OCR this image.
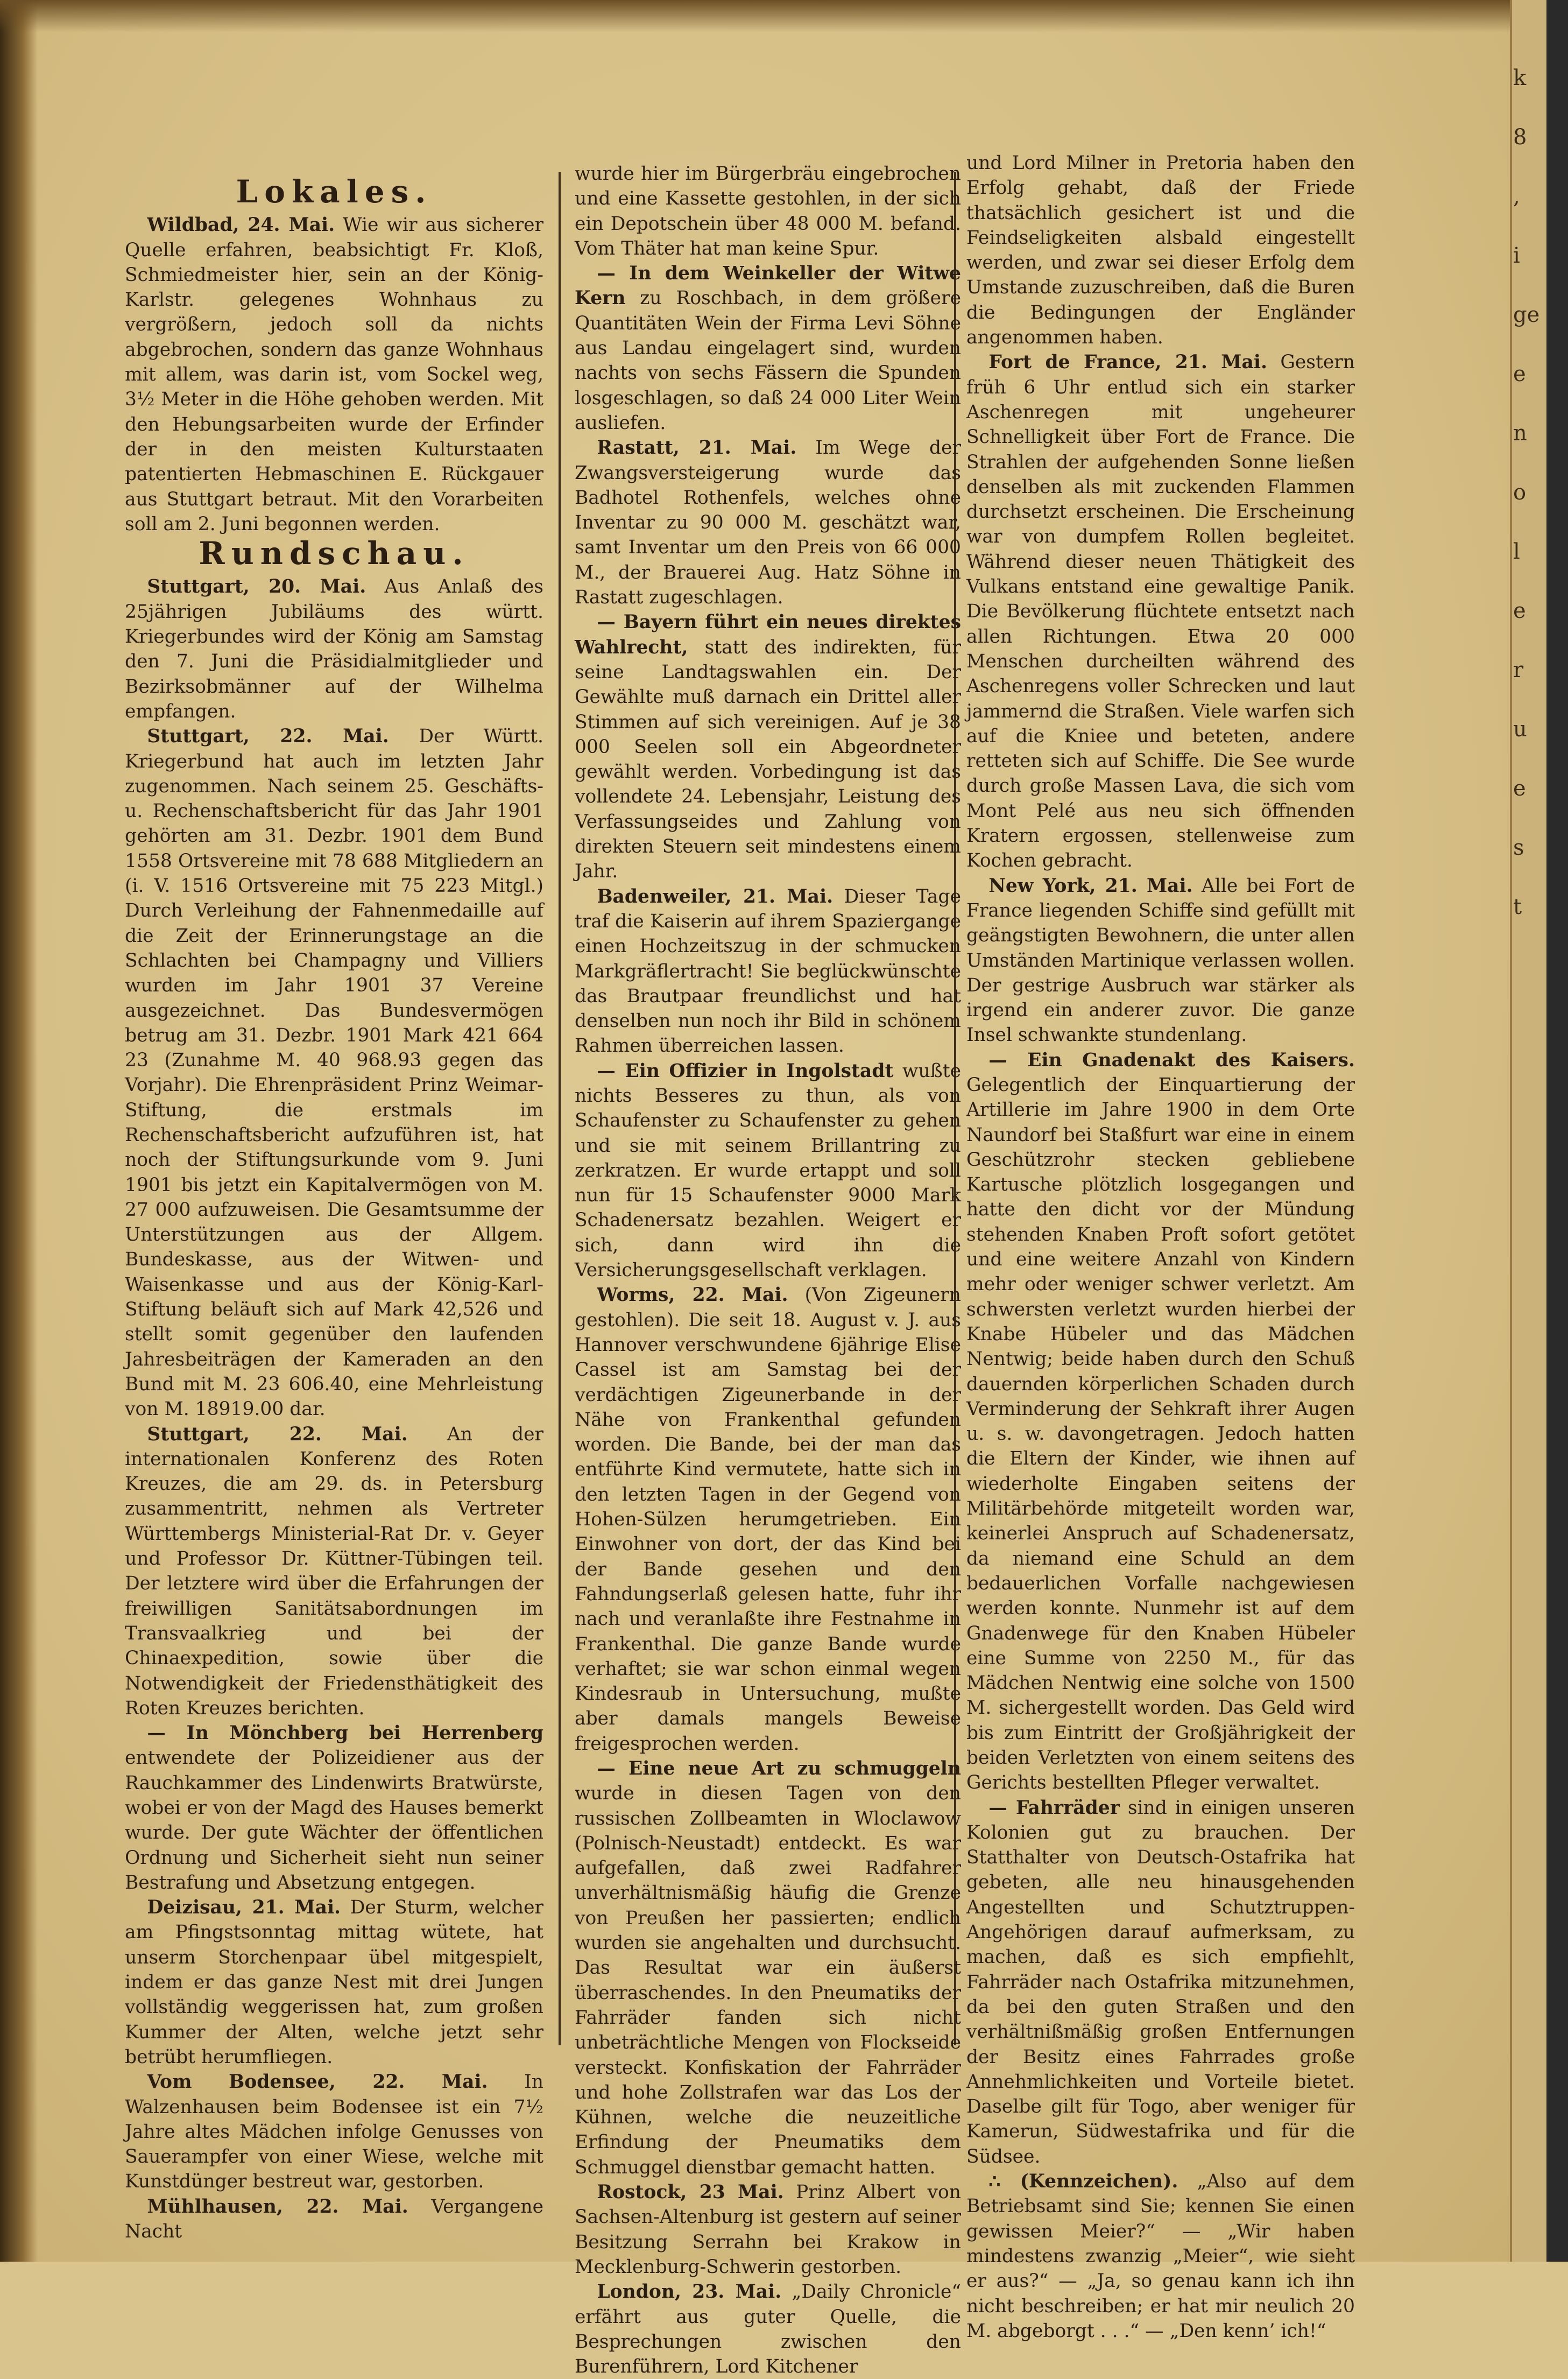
k
8
,
i
ge
e
n
o
l
e
r
u
e
s
t
Lokales.

Wildbad, 24. Mai. Wie wir aus sicherer Quelle erfahren, beabsichtigt Fr. Kloß, Schmiedmeister hier, sein an der König-Karlstr. gelegenes Wohnhaus zu vergrößern, jedoch soll da nichts abgebrochen, sondern das ganze Wohnhaus mit allem, was darin ist, vom Sockel weg, 3½ Meter in die Höhe gehoben werden. Mit den Hebungsarbeiten wurde der Erfinder der in den meisten Kulturstaaten patentierten Hebmaschinen E. Rückgauer aus Stuttgart betraut. Mit den Vorarbeiten soll am 2. Juni begonnen werden.

Rundschau.

Stuttgart, 20. Mai. Aus Anlaß des 25jährigen Jubiläums des württ. Kriegerbundes wird der König am Samstag den 7. Juni die Präsidialmitglieder und Bezirksobmänner auf der Wilhelma empfangen.

Stuttgart, 22. Mai. Der Württ. Kriegerbund hat auch im letzten Jahr zugenommen. Nach seinem 25. Geschäfts- u. Rechenschaftsbericht für das Jahr 1901 gehörten am 31. Dezbr. 1901 dem Bund 1558 Ortsvereine mit 78 688 Mitgliedern an (i. V. 1516 Ortsvereine mit 75 223 Mitgl.) Durch Verleihung der Fahnenmedaille auf die Zeit der Erinnerungstage an die Schlachten bei Champagny und Villiers wurden im Jahr 1901 37 Vereine ausgezeichnet. Das Bundesvermögen betrug am 31. Dezbr. 1901 Mark 421 664 23 (Zunahme M. 40 968.93 gegen das Vorjahr). Die Ehrenpräsident Prinz Weimar-Stiftung, die erstmals im Rechenschaftsbericht aufzuführen ist, hat noch der Stiftungsurkunde vom 9. Juni 1901 bis jetzt ein Kapitalvermögen von M. 27 000 aufzuweisen. Die Gesamtsumme der Unterstützungen aus der Allgem. Bundeskasse, aus der Witwen- und Waisenkasse und aus der König-Karl-Stiftung beläuft sich auf Mark 42,526 und stellt somit gegenüber den laufenden Jahresbeiträgen der Kameraden an den Bund mit M. 23 606.40, eine Mehrleistung von M. 18919.00 dar.

Stuttgart, 22. Mai. An der internationalen Konferenz des Roten Kreuzes, die am 29. ds. in Petersburg zusammentritt, nehmen als Vertreter Württembergs Ministerial-Rat Dr. v. Geyer und Professor Dr. Küttner-Tübingen teil. Der letztere wird über die Erfahrungen der freiwilligen Sanitätsabordnungen im Transvaalkrieg und bei der Chinaexpedition, sowie über die Notwendigkeit der Friedensthätigkeit des Roten Kreuzes berichten.

— In Mönchberg bei Herrenberg entwendete der Polizeidiener aus der Rauchkammer des Lindenwirts Bratwürste, wobei er von der Magd des Hauses bemerkt wurde. Der gute Wächter der öffentlichen Ordnung und Sicherheit sieht nun seiner Bestrafung und Absetzung entgegen.

Deizisau, 21. Mai. Der Sturm, welcher am Pfingstsonntag mittag wütete, hat unserm Storchenpaar übel mitgespielt, indem er das ganze Nest mit drei Jungen vollständig weggerissen hat, zum großen Kummer der Alten, welche jetzt sehr betrübt herumfliegen.

Vom Bodensee, 22. Mai. In Walzenhausen beim Bodensee ist ein 7½ Jahre altes Mädchen infolge Genusses von Sauerampfer von einer Wiese, welche mit Kunstdünger bestreut war, gestorben.

Mühlhausen, 22. Mai. Vergangene Nacht

wurde hier im Bürgerbräu eingebrochen und eine Kassette gestohlen, in der sich ein Depotschein über 48 000 M. befand. Vom Thäter hat man keine Spur.

— In dem Weinkeller der Witwe Kern zu Roschbach, in dem größere Quantitäten Wein der Firma Levi Söhne aus Landau eingelagert sind, wurden nachts von sechs Fässern die Spunden losgeschlagen, so daß 24 000 Liter Wein ausliefen.

Rastatt, 21. Mai. Im Wege der Zwangsversteigerung wurde das Badhotel Rothenfels, welches ohne Inventar zu 90 000 M. geschätzt war, samt Inventar um den Preis von 66 000 M., der Brauerei Aug. Hatz Söhne in Rastatt zugeschlagen.

— Bayern führt ein neues direktes Wahlrecht, statt des indirekten, für seine Landtagswahlen ein. Der Gewählte muß darnach ein Drittel aller Stimmen auf sich vereinigen. Auf je 38 000 Seelen soll ein Abgeordneter gewählt werden. Vorbedingung ist das vollendete 24. Lebensjahr, Leistung des Verfassungseides und Zahlung von direkten Steuern seit mindestens einem Jahr.

Badenweiler, 21. Mai. Dieser Tage traf die Kaiserin auf ihrem Spaziergange einen Hochzeitszug in der schmucken Markgräflertracht! Sie beglückwünschte das Brautpaar freundlichst und hat denselben nun noch ihr Bild in schönem Rahmen überreichen lassen.

— Ein Offizier in Ingolstadt wußte nichts Besseres zu thun, als von Schaufenster zu Schaufenster zu gehen und sie mit seinem Brillantring zu zerkratzen. Er wurde ertappt und soll nun für 15 Schaufenster 9000 Mark Schadenersatz bezahlen. Weigert er sich, dann wird ihn die Versicherungsgesellschaft verklagen.

Worms, 22. Mai. (Von Zigeunern gestohlen). Die seit 18. August v. J. aus Hannover verschwundene 6jährige Elise Cassel ist am Samstag bei der verdächtigen Zigeunerbande in der Nähe von Frankenthal gefunden worden. Die Bande, bei der man das entführte Kind vermutete, hatte sich in den letzten Tagen in der Gegend von Hohen-Sülzen herumgetrieben. Ein Einwohner von dort, der das Kind bei der Bande gesehen und den Fahndungserlaß gelesen hatte, fuhr ihr nach und veranlaßte ihre Festnahme in Frankenthal. Die ganze Bande wurde verhaftet; sie war schon einmal wegen Kindesraub in Untersuchung, mußte aber damals mangels Beweise freigesprochen werden.

— Eine neue Art zu schmuggeln wurde in diesen Tagen von den russischen Zollbeamten in Wloclawow (Polnisch-Neustadt) entdeckt. Es war aufgefallen, daß zwei Radfahrer unverhältnismäßig häufig die Grenze von Preußen her passierten; endlich wurden sie angehalten und durchsucht. Das Resultat war ein äußerst überraschendes. In den Pneumatiks der Fahrräder fanden sich nicht unbeträchtliche Mengen von Flockseide versteckt. Konfiskation der Fahrräder und hohe Zollstrafen war das Los der Kühnen, welche die neuzeitliche Erfindung der Pneumatiks dem Schmuggel dienstbar gemacht hatten.

Rostock, 23 Mai. Prinz Albert von Sachsen-Altenburg ist gestern auf seiner Besitzung Serrahn bei Krakow in Mecklenburg-Schwerin gestorben.

London, 23. Mai. „Daily Chronicle“ erfährt aus guter Quelle, die Besprechungen zwischen den Burenführern, Lord Kitchener

und Lord Milner in Pretoria haben den Erfolg gehabt, daß der Friede thatsächlich gesichert ist und die Feindseligkeiten alsbald eingestellt werden, und zwar sei dieser Erfolg dem Umstande zuzuschreiben, daß die Buren die Bedingungen der Engländer angenommen haben.

Fort de France, 21. Mai. Gestern früh 6 Uhr entlud sich ein starker Aschenregen mit ungeheurer Schnelligkeit über Fort de France. Die Strahlen der aufgehenden Sonne ließen denselben als mit zuckenden Flammen durchsetzt erscheinen. Die Erscheinung war von dumpfem Rollen begleitet. Während dieser neuen Thätigkeit des Vulkans entstand eine gewaltige Panik. Die Bevölkerung flüchtete entsetzt nach allen Richtungen. Etwa 20 000 Menschen durcheilten während des Aschenregens voller Schrecken und laut jammernd die Straßen. Viele warfen sich auf die Kniee und beteten, andere retteten sich auf Schiffe. Die See wurde durch große Massen Lava, die sich vom Mont Pelé aus neu sich öffnenden Kratern ergossen, stellenweise zum Kochen gebracht.

New York, 21. Mai. Alle bei Fort de France liegenden Schiffe sind gefüllt mit geängstigten Bewohnern, die unter allen Umständen Martinique verlassen wollen. Der gestrige Ausbruch war stärker als irgend ein anderer zuvor. Die ganze Insel schwankte stundenlang.

— Ein Gnadenakt des Kaisers. Gelegentlich der Einquartierung der Artillerie im Jahre 1900 in dem Orte Naundorf bei Staßfurt war eine in einem Geschützrohr stecken gebliebene Kartusche plötzlich losgegangen und hatte den dicht vor der Mündung stehenden Knaben Proft sofort getötet und eine weitere Anzahl von Kindern mehr oder weniger schwer verletzt. Am schwersten verletzt wurden hierbei der Knabe Hübeler und das Mädchen Nentwig; beide haben durch den Schuß dauernden körperlichen Schaden durch Verminderung der Sehkraft ihrer Augen u. s. w. davongetragen. Jedoch hatten die Eltern der Kinder, wie ihnen auf wiederholte Eingaben seitens der Militärbehörde mitgeteilt worden war, keinerlei Anspruch auf Schadenersatz, da niemand eine Schuld an dem bedauerlichen Vorfalle nachgewiesen werden konnte. Nunmehr ist auf dem Gnadenwege für den Knaben Hübeler eine Summe von 2250 M., für das Mädchen Nentwig eine solche von 1500 M. sichergestellt worden. Das Geld wird bis zum Eintritt der Großjährigkeit der beiden Verletzten von einem seitens des Gerichts bestellten Pfleger verwaltet.

— Fahrräder sind in einigen unseren Kolonien gut zu brauchen. Der Statthalter von Deutsch-Ostafrika hat gebeten, alle neu hinausgehenden Angestellten und Schutztruppen-Angehörigen darauf aufmerksam, zu machen, daß es sich empfiehlt, Fahrräder nach Ostafrika mitzunehmen, da bei den guten Straßen und den verhältnißmäßig großen Entfernungen der Besitz eines Fahrrades große Annehmlichkeiten und Vorteile bietet. Daselbe gilt für Togo, aber weniger für Kamerun, Südwestafrika und für die Südsee.

∴ (Kennzeichen). „Also auf dem Betriebsamt sind Sie; kennen Sie einen gewissen Meier?“ — „Wir haben mindestens zwanzig „Meier“, wie sieht er aus?“ — „Ja, so genau kann ich ihn nicht beschreiben; er hat mir neulich 20 M. abgeborgt . . .“ — „Den kenn’ ich!“
